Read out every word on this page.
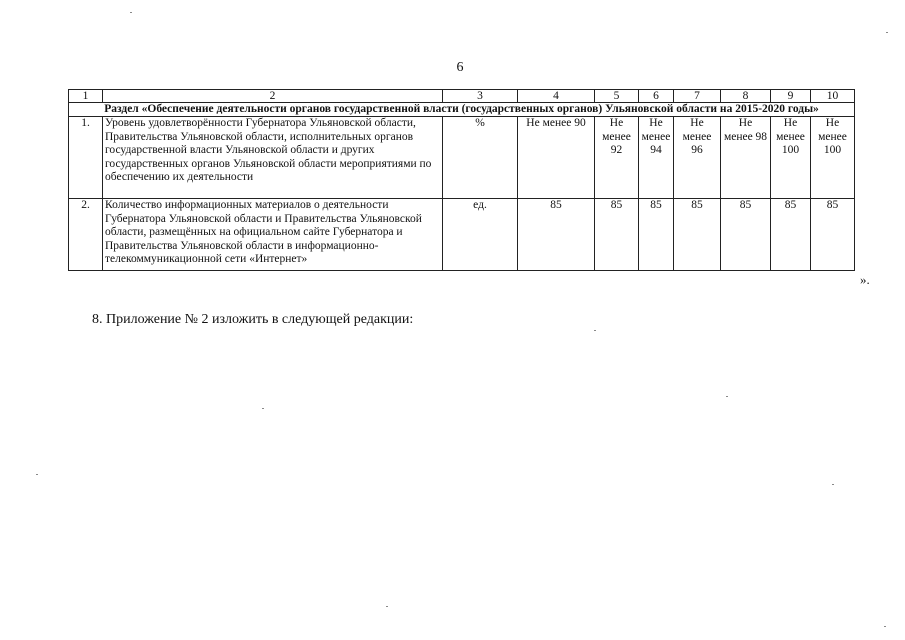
6
1	2	3	4	5	6	7	8	9	10
Раздел «Обеспечение деятельности органов государственной власти (государственных органов) Ульяновской области на 2015-2020 годы»									
1.	Уровень удовлетворённости Губернатора Ульяновской области, Правительства Ульяновской области, исполнительных органов государственной власти Ульяновской области и других государственных органов Ульяновской области мероприятиями по обеспечению их деятельности	%	Не менее 90	Не менее 92	Не менее 94	Не менее 96	Не менее 98	Не менее 100	Не менее 100
2.	Количество информационных материалов о деятельности Губернатора Ульяновской области и Правительства Ульяновской области, размещённых на официальном сайте Губернатора и Правительства Ульяновской области в информационно-телекоммуникационной сети «Интернет»	ед.	85	85	85	85	85	85	85
».
8. Приложение № 2 изложить в следующей редакции:
